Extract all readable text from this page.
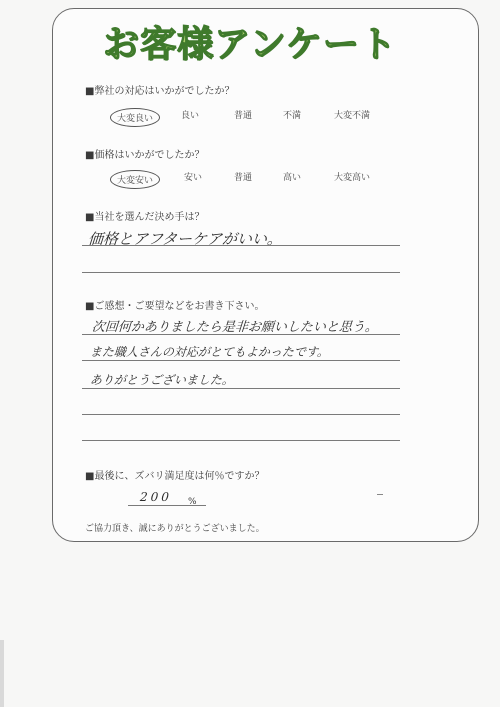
お客様アンケート
■弊社の対応はいかがでしたか？
大変良い	良い	普通	不満	大変不満
■価格はいかがでしたか？
大変安い	安い	普通	高い	大変高い
■当社を選んだ決め手は？
価格とアフターケアがいい。
■ご感想・ご要望などをお書き下さい。
次回何かありましたら是非お願いしたいと思う。
また職人さんの対応がとてもよかったです。
ありがとうございました。
■最後に、ズバリ満足度は何％ですか？
200 %
ご協力頂き、誠にありがとうございました。
